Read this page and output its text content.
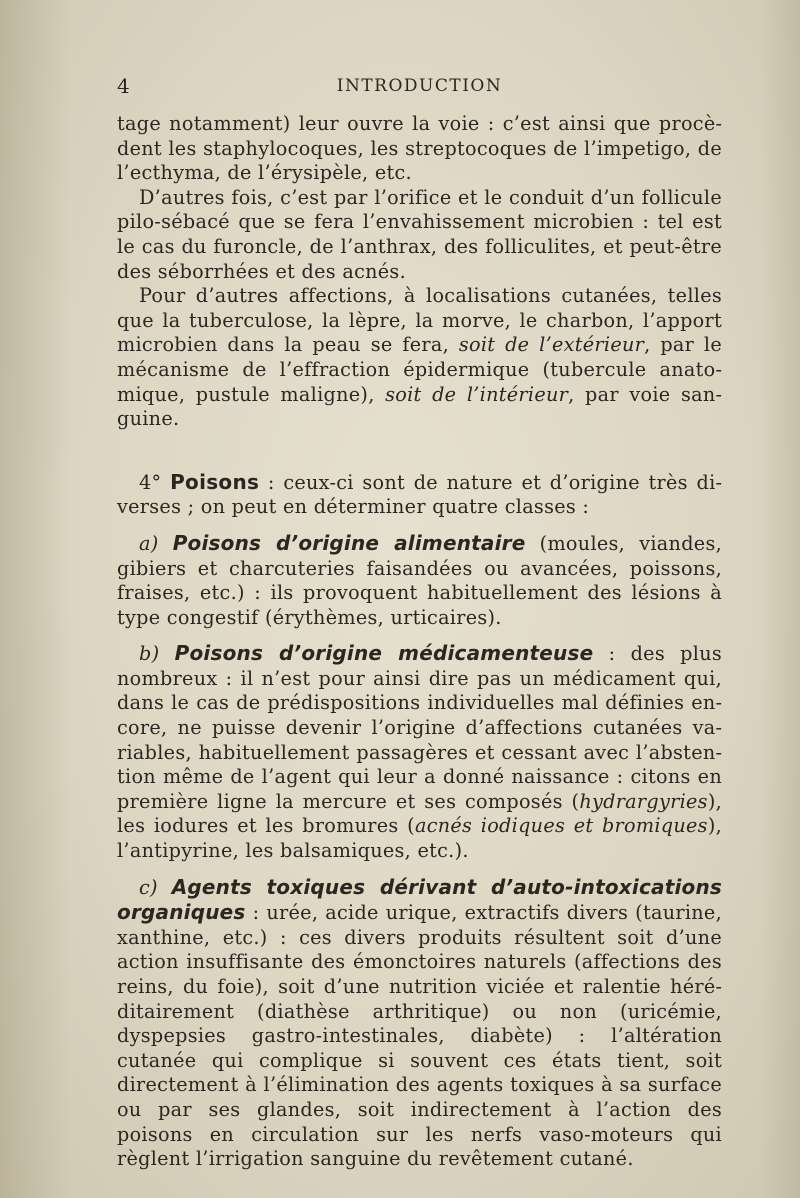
4	INTRODUCTION

tage notamment) leur ouvre la voie : c’est ainsi que procèdent les staphylocoques, les streptocoques de l’impetigo, de l’ecthyma, de l’érysipèle, etc.

D’autres fois, c’est par l’orifice et le conduit d’un follicule pilo-sébacé que se fera l’envahissement microbien : tel est le cas du furoncle, de l’anthrax, des folliculites, et peut-être des séborrhées et des acnés.

Pour d’autres affections, à localisations cutanées, telles que la tuberculose, la lèpre, la morve, le charbon, l’apport microbien dans la peau se fera, soit de l’extérieur, par le mécanisme de l’effraction épidermique (tubercule anatomique, pustule maligne), soit de l’intérieur, par voie sanguine.

4° Poisons : ceux-ci sont de nature et d’origine très diverses ; on peut en déterminer quatre classes :

a) Poisons d’origine alimentaire (moules, viandes, gibiers et charcuteries faisandées ou avancées, poissons, fraises, etc.) : ils provoquent habituellement des lésions à type congestif (érythèmes, urticaires).

b) Poisons d’origine médicamenteuse : des plus nombreux : il n’est pour ainsi dire pas un médicament qui, dans le cas de prédispositions individuelles mal définies encore, ne puisse devenir l’origine d’affections cutanées variables, habituellement passagères et cessant avec l’abstention même de l’agent qui leur a donné naissance : citons en première ligne la mercure et ses composés (hydrargyries), les iodures et les bromures (acnés iodiques et bromiques), l’antipyrine, les balsamiques, etc.).

c) Agents toxiques dérivant d’auto-intoxications organiques : urée, acide urique, extractifs divers (taurine, xanthine, etc.) : ces divers produits résultent soit d’une action insuffisante des émonctoires naturels (affections des reins, du foie), soit d’une nutrition viciée et ralentie héréditairement (diathèse arthritique) ou non (uricémie, dyspepsies gastro-intestinales, diabète) : l’altération cutanée qui complique si souvent ces états tient, soit directement à l’élimination des agents toxiques à sa surface ou par ses glandes, soit indirectement à l’action des poisons en circulation sur les nerfs vaso-moteurs qui règlent l’irrigation sanguine du revêtement cutané.
